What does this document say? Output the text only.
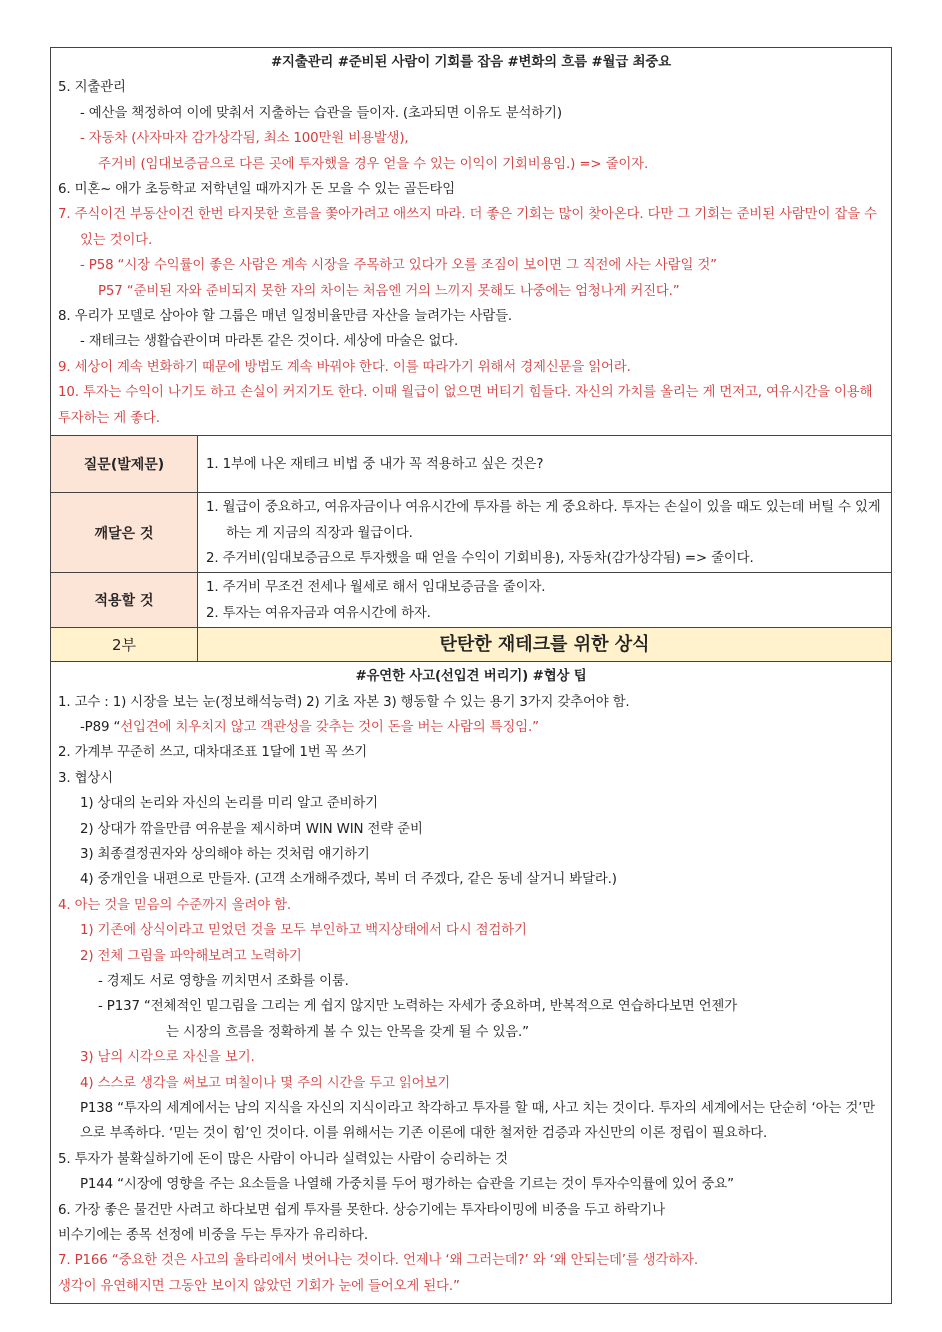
#지출관리 #준비된 사람이 기회를 잡음 #변화의 흐름 #월급 최중요
5. 지출관리
- 예산을 책정하여 이에 맞춰서 지출하는 습관을 들이자. (초과되면 이유도 분석하기)
- 자동차 (사자마자 감가상각됨, 최소 100만원 비용발생),
주거비 (임대보증금으로 다른 곳에 투자했을 경우 얻을 수 있는 이익이 기회비용임.) => 줄이자.
6. 미혼~ 애가 초등학교 저학년일 때까지가 돈 모을 수 있는 골든타임
7. 주식이건 부동산이건 한번 타지못한 흐름을 쫓아가려고 애쓰지 마라. 더 좋은 기회는 많이 찾아온다. 다만 그 기회는 준비된 사람만이 잡을 수 있는 것이다.
- P58 “시장 수익률이 좋은 사람은 계속 시장을 주목하고 있다가 오를 조짐이 보이면 그 직전에 사는 사람일 것”
P57 “준비된 자와 준비되지 못한 자의 차이는 처음엔 거의 느끼지 못해도 나중에는 엄청나게 커진다.”
8. 우리가 모델로 삼아야 할 그룹은 매년 일정비율만큼 자산을 늘려가는 사람들.
- 재테크는 생활습관이며 마라톤 같은 것이다. 세상에 마술은 없다.
9. 세상이 계속 변화하기 때문에 방법도 계속 바꿔야 한다. 이를 따라가기 위해서 경제신문을 읽어라.
10. 투자는 수익이 나기도 하고 손실이 커지기도 한다. 이때 월급이 없으면 버티기 힘들다. 자신의 가치를 올리는 게 먼저고, 여유시간을 이용해 투자하는 게 좋다.
질문(발제문)	1. 1부에 나온 재테크 비법 중 내가 꼭 적용하고 싶은 것은?
깨달은 것
1. 월급이 중요하고, 여유자금이나 여유시간에 투자를 하는 게 중요하다. 투자는 손실이 있을 때도 있는데 버틸 수 있게 하는 게 지금의 직장과 월급이다.
2. 주거비(임대보증금으로 투자했을 때 얻을 수익이 기회비용), 자동차(감가상각됨) => 줄이다.
적용할 것
1. 주거비 무조건 전세나 월세로 해서 임대보증금을 줄이자.
2. 투자는 여유자금과 여유시간에 하자.
2부	탄탄한 재테크를 위한 상식
#유연한 사고(선입견 버리기) #협상 팁
1. 고수 : 1) 시장을 보는 눈(정보해석능력) 2) 기초 자본 3) 행동할 수 있는 용기 3가지 갖추어야 함.
-P89 “선입견에 치우치지 않고 객관성을 갖추는 것이 돈을 버는 사람의 특징임.”
2. 가계부 꾸준히 쓰고, 대차대조표 1달에 1번 꼭 쓰기
3. 협상시
1) 상대의 논리와 자신의 논리를 미리 알고 준비하기
2) 상대가 깎을만큼 여유분을 제시하며 WIN WIN 전략 준비
3) 최종결정권자와 상의해야 하는 것처럼 얘기하기
4) 중개인을 내편으로 만들자. (고객 소개해주겠다, 복비 더 주겠다, 같은 동네 살거니 봐달라.)
4. 아는 것을 믿음의 수준까지 올려야 함.
1) 기존에 상식이라고 믿었던 것을 모두 부인하고 백지상태에서 다시 점검하기
2) 전체 그림을 파악해보려고 노력하기
- 경제도 서로 영향을 끼치면서 조화를 이룸.
- P137 “전체적인 밑그림을 그리는 게 쉽지 않지만 노력하는 자세가 중요하며, 반복적으로 연습하다보면 언젠가
는 시장의 흐름을 정확하게 볼 수 있는 안목을 갖게 될 수 있음.”
3) 남의 시각으로 자신을 보기.
4) 스스로 생각을 써보고 며칠이나 몇 주의 시간을 두고 읽어보기
P138 “투자의 세계에서는 남의 지식을 자신의 지식이라고 착각하고 투자를 할 때, 사고 치는 것이다. 투자의 세계에서는 단순히 ‘아는 것’만으로 부족하다. ‘믿는 것이 힘’인 것이다. 이를 위해서는 기존 이론에 대한 철저한 검증과 자신만의 이론 정립이 필요하다.
5. 투자가 불확실하기에 돈이 많은 사람이 아니라 실력있는 사람이 승리하는 것
P144 “시장에 영향을 주는 요소들을 나열해 가중치를 두어 평가하는 습관을 기르는 것이 투자수익률에 있어 중요”
6. 가장 좋은 물건만 사려고 하다보면 쉽게 투자를 못한다. 상승기에는 투자타이밍에 비중을 두고 하락기나
비수기에는 종목 선정에 비중을 두는 투자가 유리하다.
7. P166 “중요한 것은 사고의 울타리에서 벗어나는 것이다. 언제나 ‘왜 그러는데?’ 와 ‘왜 안되는데’를 생각하자.
생각이 유연해지면 그동안 보이지 않았던 기회가 눈에 들어오게 된다.”
